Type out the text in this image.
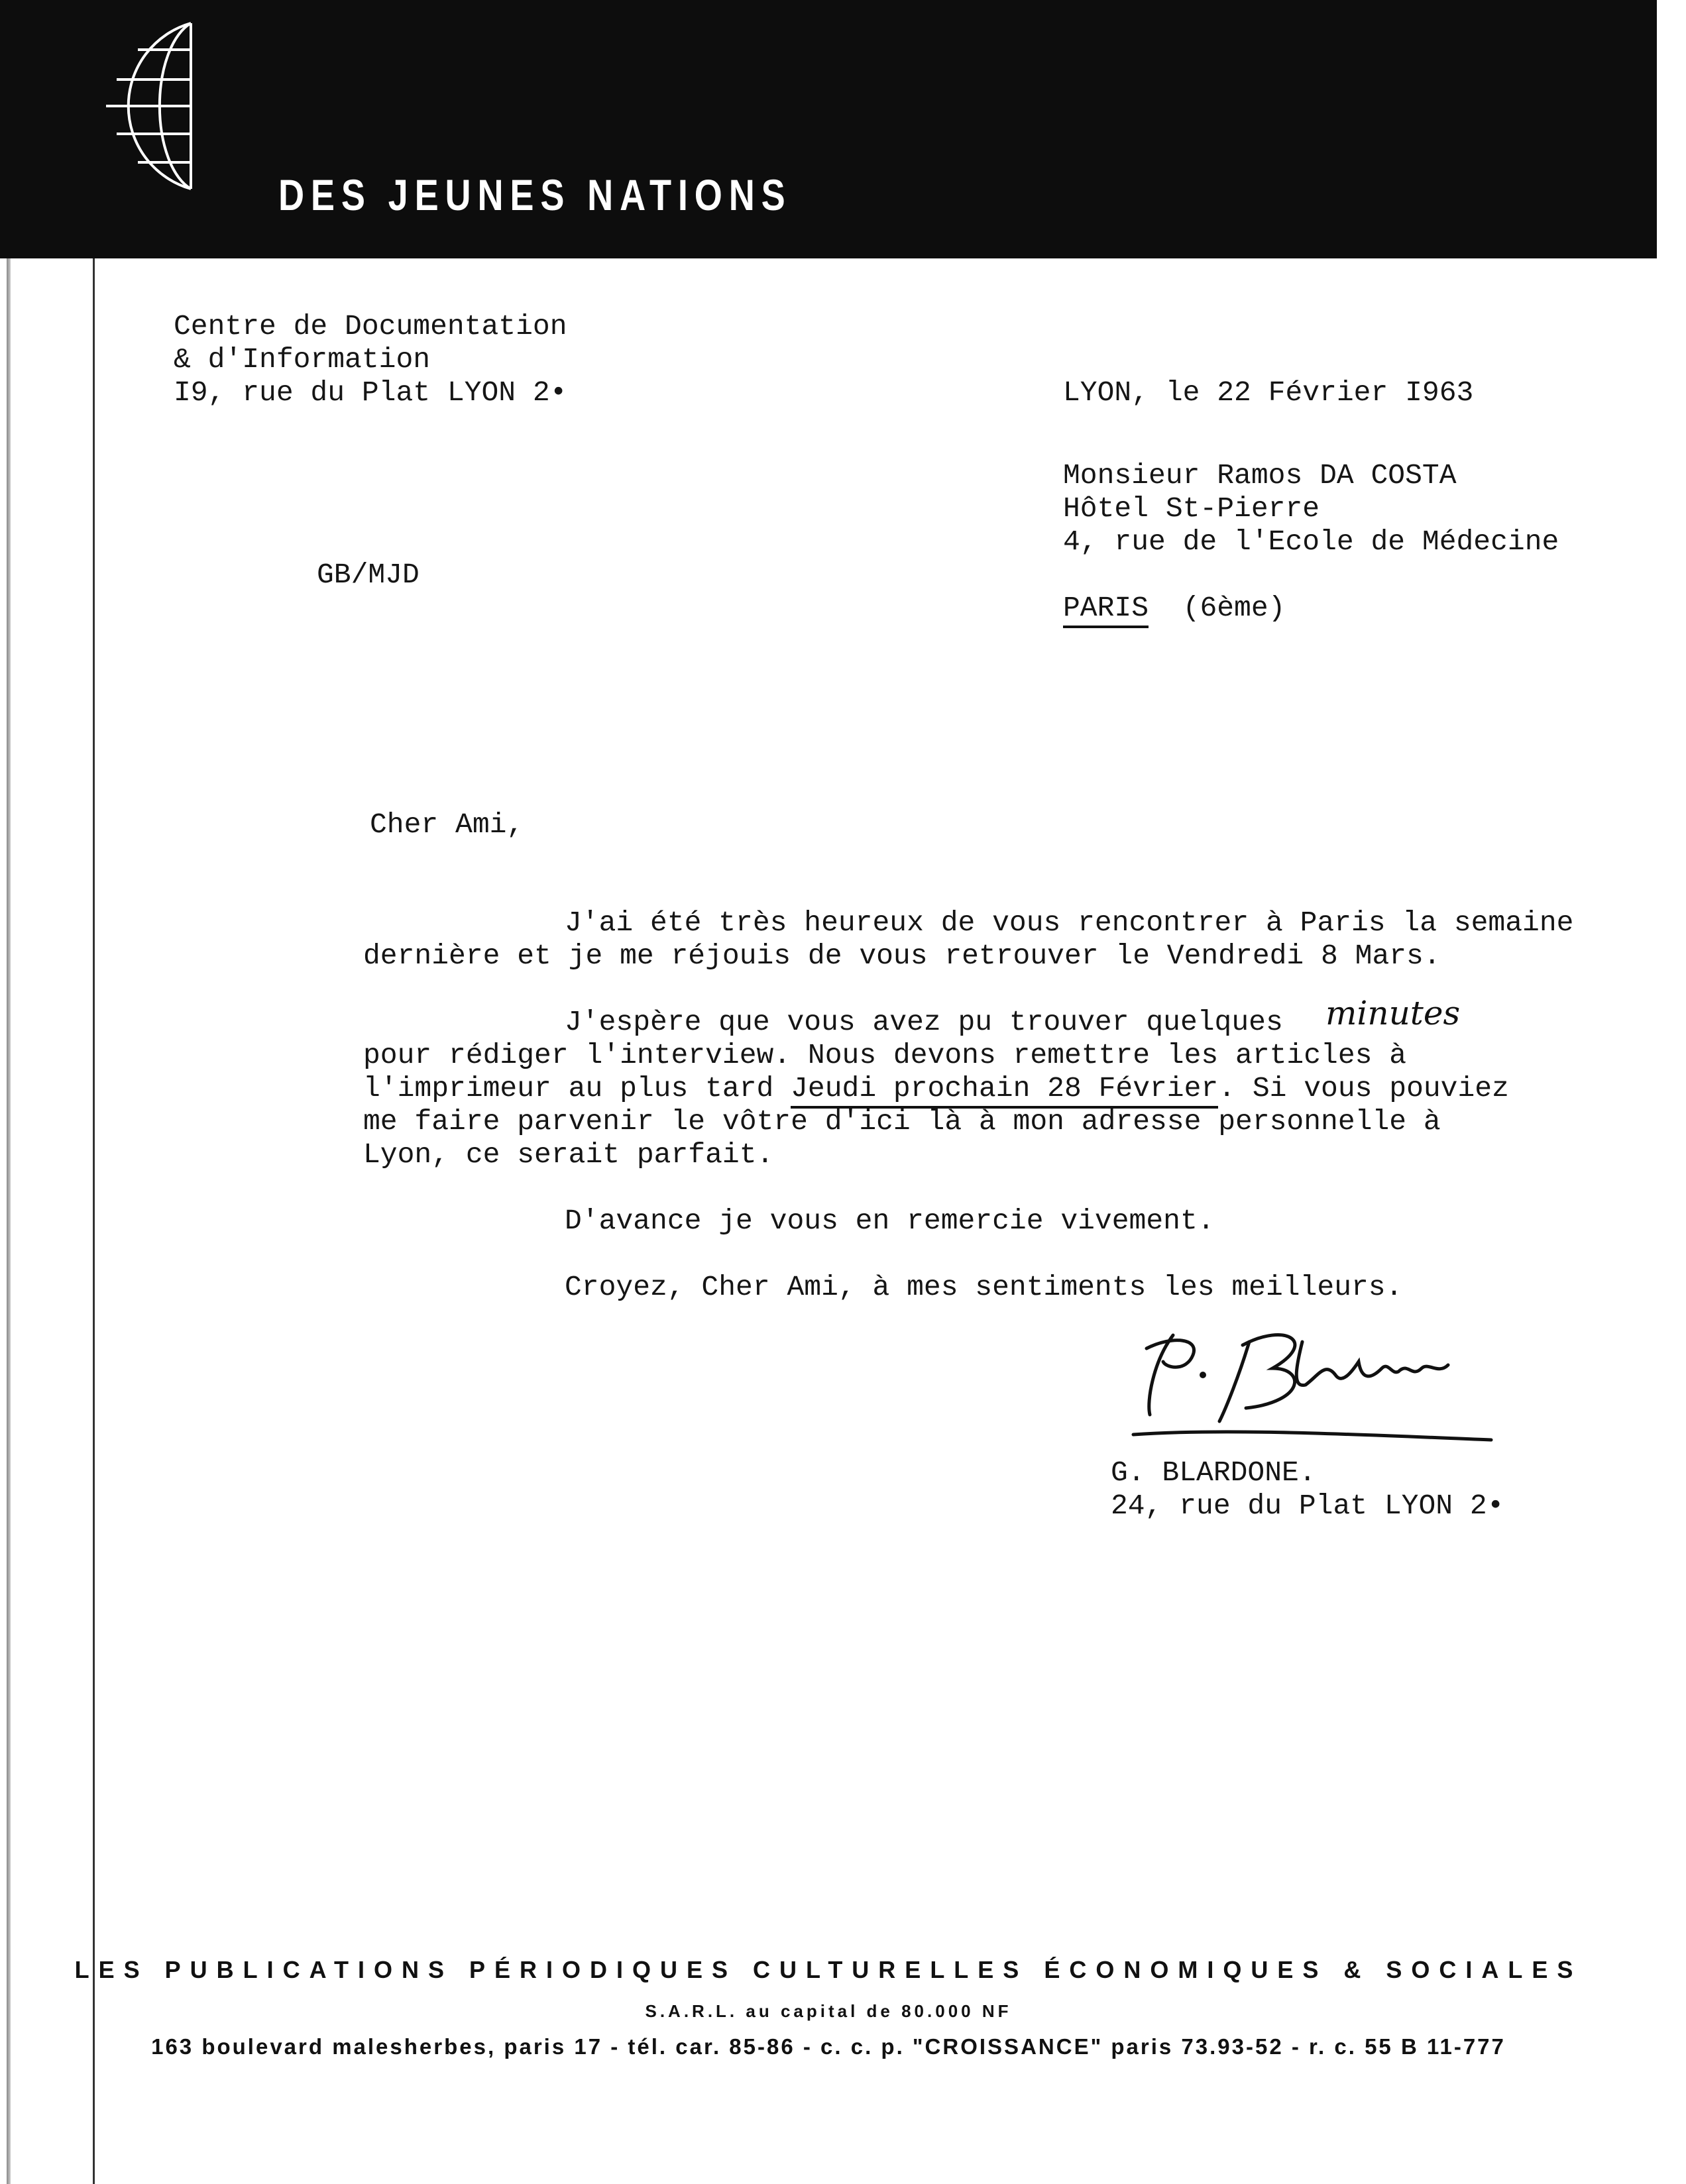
DES JEUNES NATIONS
Centre de Documentation
& d'Information
I9, rue du Plat LYON 2•	LYON, le 22 Février I963
Monsieur Ramos DA COSTA
Hôtel St-Pierre
4, rue de l'Ecole de Médecine
PARIS (6ème)
GB/MJD
Cher Ami,
J'ai été très heureux de vous rencontrer à Paris la semaine
dernière et je me réjouis de vous retrouver le Vendredi 8 Mars.
J'espère que vous avez pu trouver quelques minutes
pour rédiger l'interview. Nous devons remettre les articles à
l'imprimeur au plus tard Jeudi prochain 28 Février. Si vous pouviez
me faire parvenir le vôtre d'ici là à mon adresse personnelle à
Lyon, ce serait parfait.
D'avance je vous en remercie vivement.
Croyez, Cher Ami, à mes sentiments les meilleurs.
G. BLARDONE.
24, rue du Plat LYON 2•
LES PUBLICATIONS PÉRIODIQUES CULTURELLES ÉCONOMIQUES & SOCIALES
S.A.R.L. au capital de 80.000 NF
163 boulevard malesherbes, paris 17 - tél. car. 85-86 - c. c. p. "CROISSANCE" paris 73.93-52 - r. c. 55 B 11-777
